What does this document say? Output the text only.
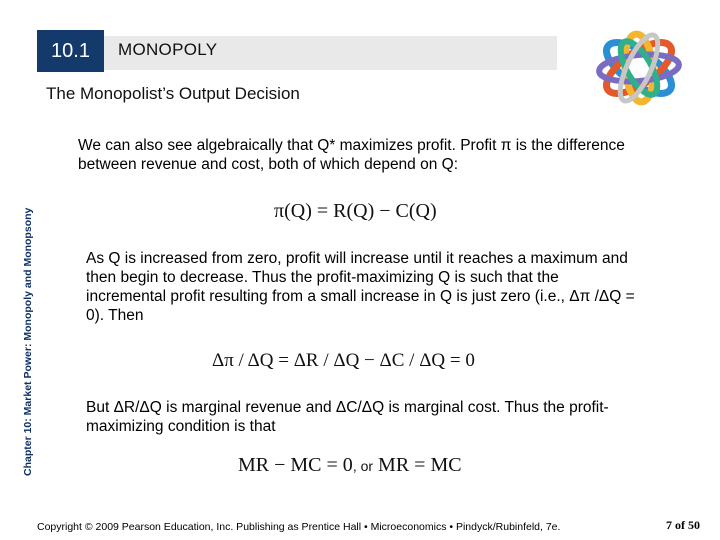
10.1	MONOPOLY
The Monopolist’s Output Decision
Chapter 10: Market Power: Monopoly and Monopsony
We can also see algebraically that Q* maximizes profit. Profit π is the difference between revenue and cost, both of which depend on Q:
π(Q) = R(Q) − C(Q)
As Q is increased from zero, profit will increase until it reaches a maximum and then begin to decrease. Thus the profit-maximizing Q is such that the incremental profit resulting from a small increase in Q is just zero (i.e., Δπ /ΔQ = 0). Then
Δπ / ΔQ = ΔR / ΔQ − ΔC / ΔQ = 0
But ΔR/ΔQ is marginal revenue and ΔC/ΔQ is marginal cost. Thus the profit-maximizing condition is that
MR − MC = 0, or MR = MC
Copyright © 2009 Pearson Education, Inc. Publishing as Prentice Hall • Microeconomics • Pindyck/Rubinfeld, 7e.	7 of 50
